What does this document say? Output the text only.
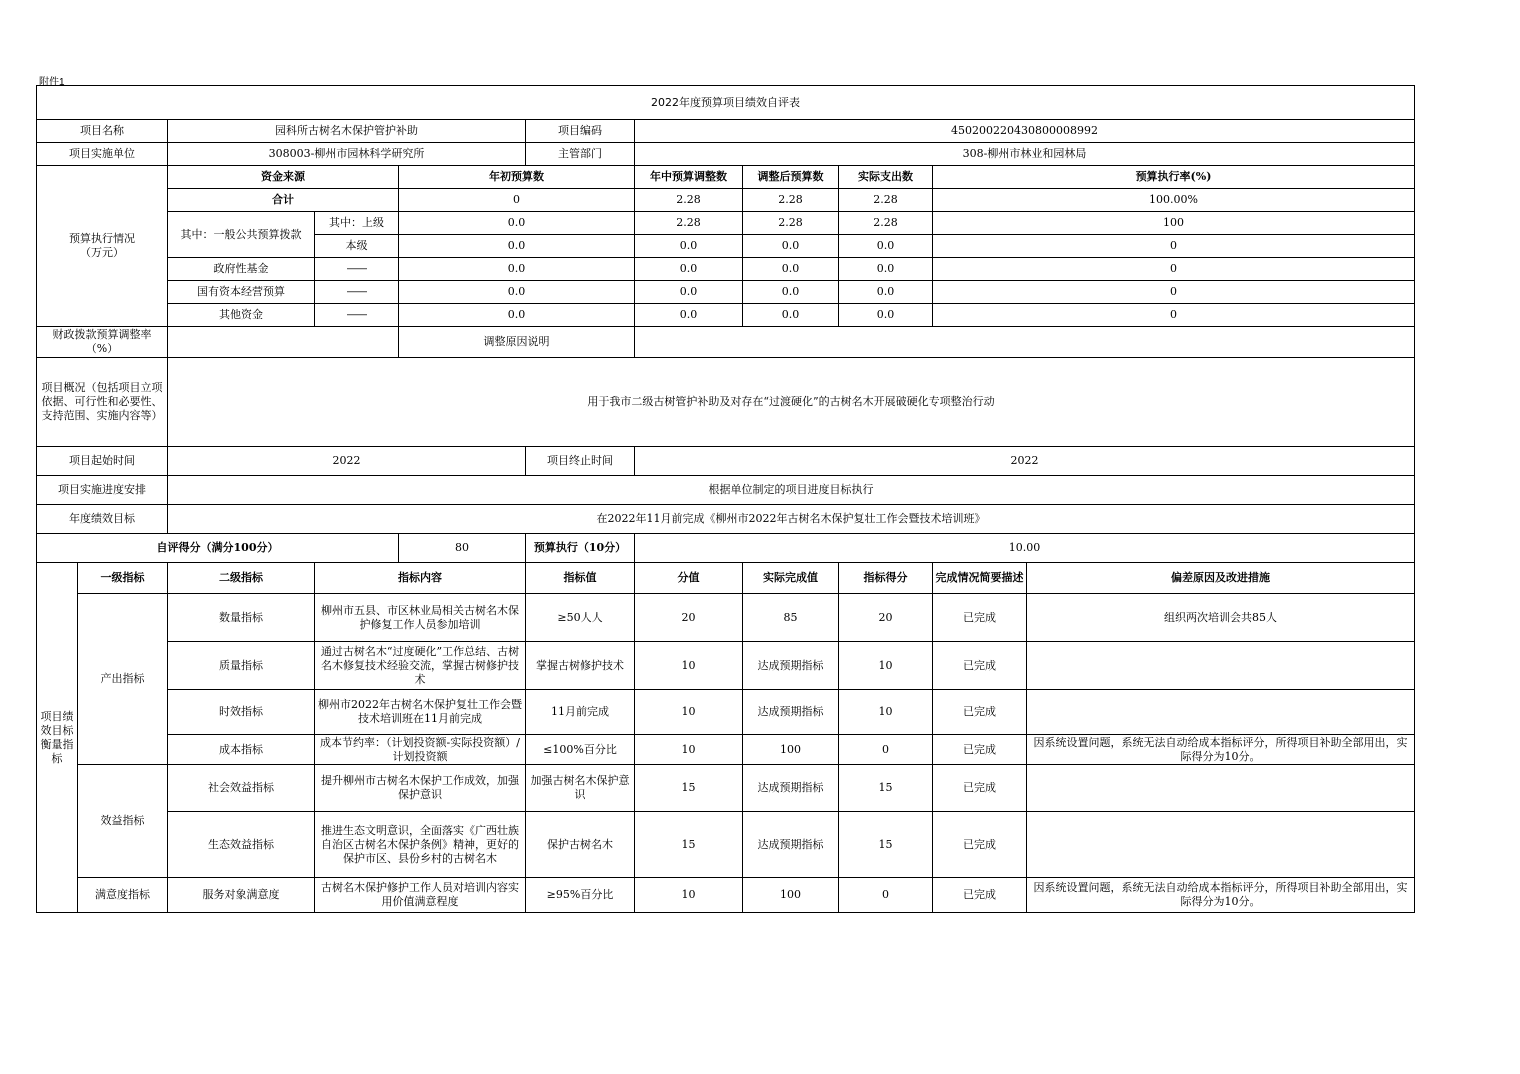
附件1
2022年度预算项目绩效自评表										
项目名称		园科所古树名木保护管护补助			项目编码	450200220430800008992				
项目实施单位		308003-柳州市园林科学研究所			主管部门	308-柳州市林业和园林局				
预算执行情况
（万元）		资金来源		年初预算数		年中预算调整数	调整后预算数	实际支出数	预算执行率(%)	
		合计		0		2.28	2.28	2.28	100.00%	
		其中：一般公共预算拨款	其中：上级	0.0		2.28	2.28	2.28	100	
			本级	0.0		0.0	0.0	0.0	0	
		政府性基金	——	0.0		0.0	0.0	0.0	0	
		国有资本经营预算	——	0.0		0.0	0.0	0.0	0	
		其他资金	——	0.0		0.0	0.0	0.0	0	
财政拨款预算调整率
（%）				调整原因说明						
项目概况（包括项目立项依据、可行性和必要性、支持范围、实施内容等）		用于我市二级古树管护补助及对存在“过渡硬化”的古树名木开展破硬化专项整治行动								
项目起始时间		2022			项目终止时间	2022				
项目实施进度安排		根据单位制定的项目进度目标执行								
年度绩效目标		在2022年11月前完成《柳州市2022年古树名木保护复壮工作会暨技术培训班》								
自评得分（满分100分）				80	预算执行（10分）	10.00				
项目绩效目标衡量指标	一级指标	二级指标	指标内容		指标值	分值	实际完成值	指标得分	完成情况简要描述	偏差原因及改进措施
	产出指标	数量指标	柳州市五县、市区林业局相关古树名木保护修复工作人员参加培训		≥50人人	20	85	20	已完成	组织两次培训会共85人
		质量指标	通过古树名木“过度硬化”工作总结、古树名木修复技术经验交流，掌握古树修护技术		掌握古树修护技术	10	达成预期指标	10	已完成	
		时效指标	柳州市2022年古树名木保护复壮工作会暨技术培训班在11月前完成		11月前完成	10	达成预期指标	10	已完成	
		成本指标	成本节约率：（计划投资额-实际投资额）/计划投资额		≤100%百分比	10	100	0	已完成	因系统设置问题，系统无法自动给成本指标评分，所得项目补助全部用出，实际得分为10分。
	效益指标	社会效益指标	提升柳州市古树名木保护工作成效，加强保护意识		加强古树名木保护意识	15	达成预期指标	15	已完成	
		生态效益指标	推进生态文明意识，全面落实《广西壮族自治区古树名木保护条例》精神，更好的保护市区、县份乡村的古树名木		保护古树名木	15	达成预期指标	15	已完成	
	满意度指标	服务对象满意度	古树名木保护修护工作人员对培训内容实用价值满意程度		≥95%百分比	10	100	0	已完成	因系统设置问题，系统无法自动给成本指标评分，所得项目补助全部用出，实际得分为10分。
